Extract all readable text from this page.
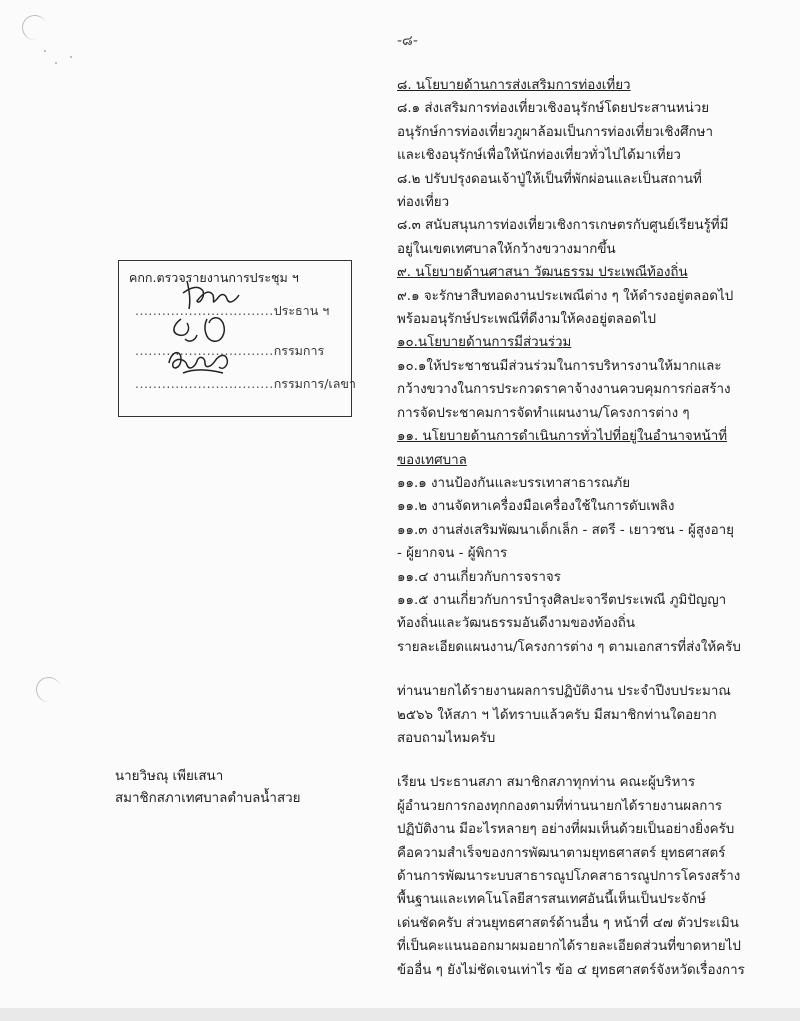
-๘-
คกก.ตรวจรายงานการประชุม ฯ
...............................ประธาน ฯ
...............................กรรมการ
...............................กรรมการ/เลขา

๘. นโยบายด้านการส่งเสริมการท่องเที่ยว

๘.๑ ส่งเสริมการท่องเที่ยวเชิงอนุรักษ์โดยประสานหน่วย

อนุรักษ์การท่องเที่ยวภูผาล้อมเป็นการท่องเที่ยวเชิงศึกษา

และเชิงอนุรักษ์เพื่อให้นักท่องเที่ยวทั่วไปได้มาเที่ยว

๘.๒ ปรับปรุงดอนเจ้าปู่ให้เป็นที่พักผ่อนและเป็นสถานที่

ท่องเที่ยว

๘.๓ สนับสนุนการท่องเที่ยวเชิงการเกษตรกับศูนย์เรียนรู้ที่มี

อยู่ในเขตเทศบาลให้กว้างขวางมากขึ้น

๙. นโยบายด้านศาสนา วัฒนธรรม ประเพณีท้องถิ่น

๙.๑ จะรักษาสืบทอดงานประเพณีต่าง ๆ ให้ดำรงอยู่ตลอดไป

พร้อมอนุรักษ์ประเพณีที่ดีงามให้คงอยู่ตลอดไป

๑๐.นโยบายด้านการมีส่วนร่วม

๑๐.๑ให้ประชาชนมีส่วนร่วมในการบริหารงานให้มากและ

กว้างขวางในการประกวดราคาจ้างงานควบคุมการก่อสร้าง

การจัดประชาคมการจัดทำแผนงาน/โครงการต่าง ๆ

๑๑. นโยบายด้านการดำเนินการทั่วไปที่อยู่ในอำนาจหน้าที่

ของเทศบาล

๑๑.๑ งานป้องกันและบรรเทาสาธารณภัย

๑๑.๒ งานจัดหาเครื่องมือเครื่องใช้ในการดับเพลิง

๑๑.๓ งานส่งเสริมพัฒนาเด็กเล็ก - สตรี - เยาวชน - ผู้สูงอายุ

- ผู้ยากจน - ผู้พิการ

๑๑.๔ งานเกี่ยวกับการจราจร

๑๑.๕ งานเกี่ยวกับการบำรุงศิลปะจารีตประเพณี ภูมิปัญญา

ท้องถิ่นและวัฒนธรรมอันดีงามของท้องถิ่น

รายละเอียดแผนงาน/โครงการต่าง ๆ ตามเอกสารที่ส่งให้ครับ

ท่านนายกได้รายงานผลการปฏิบัติงาน ประจำปีงบประมาณ

๒๕๖๖ ให้สภา ฯ ได้ทราบแล้วครับ มีสมาชิกท่านใดอยาก

สอบถามไหมครับ

เรียน ประธานสภา สมาชิกสภาทุกท่าน คณะผู้บริหาร

ผู้อำนวยการกองทุกกองตามที่ท่านนายกได้รายงานผลการ

ปฏิบัติงาน มีอะไรหลายๆ อย่างที่ผมเห็นด้วยเป็นอย่างยิ่งครับ

คือความสำเร็จของการพัฒนาตามยุทธศาสตร์ ยุทธศาสตร์

ด้านการพัฒนาระบบสาธารณูปโภคสาธารณูปการโครงสร้าง

พื้นฐานและเทคโนโลยีสารสนเทศอันนี้เห็นเป็นประจักษ์

เด่นชัดครับ ส่วนยุทธศาสตร์ด้านอื่น ๆ หน้าที่ ๔๗ ตัวประเมิน

ที่เป็นคะแนนออกมาผมอยากได้รายละเอียดส่วนที่ขาดหายไป

ข้ออื่น ๆ ยังไม่ชัดเจนเท่าไร ข้อ ๔ ยุทธศาสตร์จังหวัดเรื่องการ

นายวิษณุ เพียเสนา

สมาชิกสภาเทศบาลตำบลน้ำสวย
